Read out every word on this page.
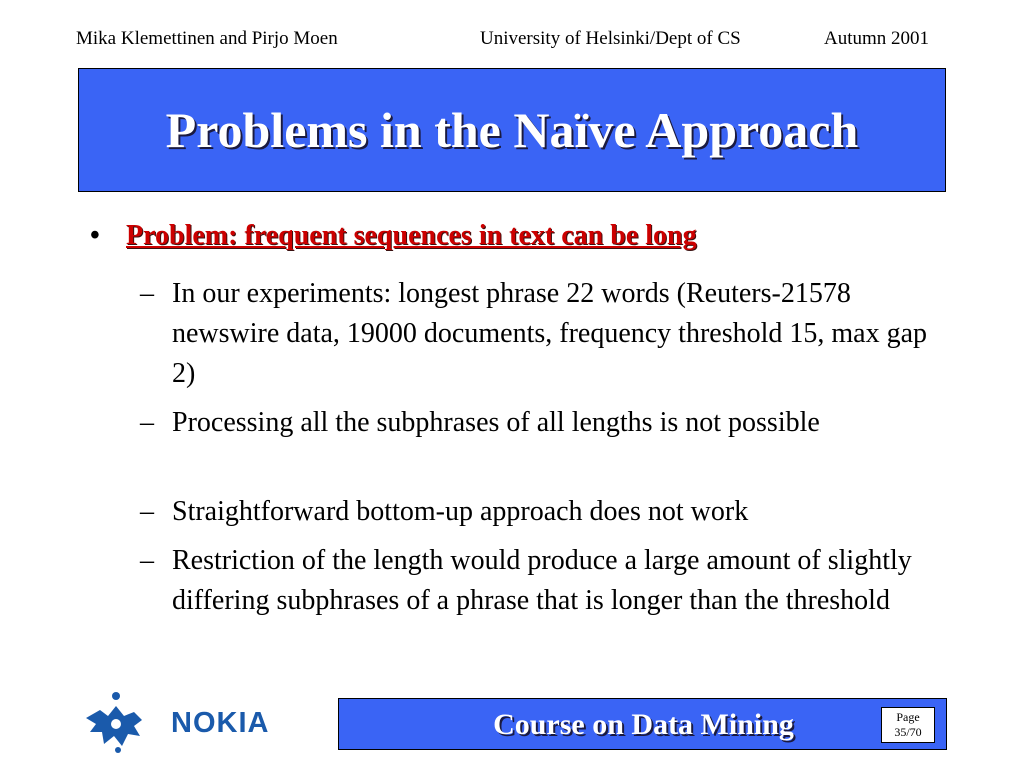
Mika Klemettinen and Pirjo Moen	University of Helsinki/Dept of CS	Autumn 2001
Problems in the Naïve Approach
• Problem: frequent sequences in text can be long
– In our experiments: longest phrase 22 words (Reuters-21578 newswire data, 19000 documents, frequency threshold 15, max gap 2)
– Processing all the subphrases of all lengths is not possible
– Straightforward bottom-up approach does not work
– Restriction of the length would produce a large amount of slightly differing subphrases of a phrase that is longer than the threshold
NOKIA	Course on Data Mining	Page
35/70
